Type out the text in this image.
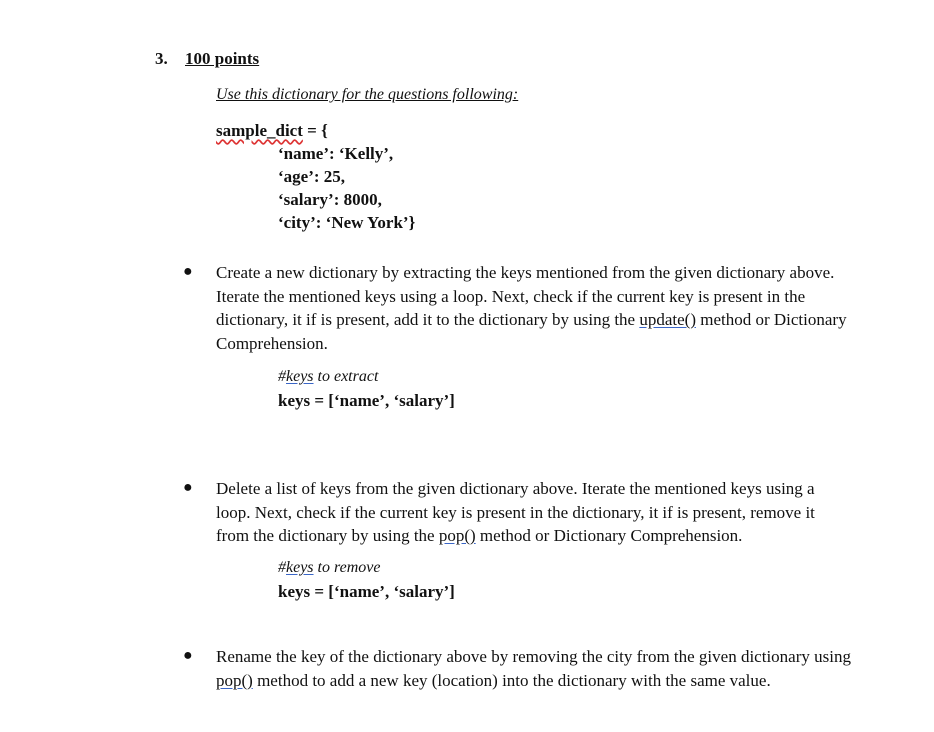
3. 100 points
Use this dictionary for the questions following:
sample_dict = {
‘name’: ‘Kelly’,
‘age’: 25,
‘salary’: 8000,
‘city’: ‘New York’}
● Create a new dictionary by extracting the keys mentioned from the given dictionary above.
Iterate the mentioned keys using a loop. Next, check if the current key is present in the
dictionary, it if is present, add it to the dictionary by using the update() method or Dictionary
Comprehension.
#keys to extract
keys = [‘name’, ‘salary’]
● Delete a list of keys from the given dictionary above. Iterate the mentioned keys using a
loop. Next, check if the current key is present in the dictionary, it if is present, remove it
from the dictionary by using the pop() method or Dictionary Comprehension.
#keys to remove
keys = [‘name’, ‘salary’]
● Rename the key of the dictionary above by removing the city from the given dictionary using
pop() method to add a new key (location) into the dictionary with the same value.
